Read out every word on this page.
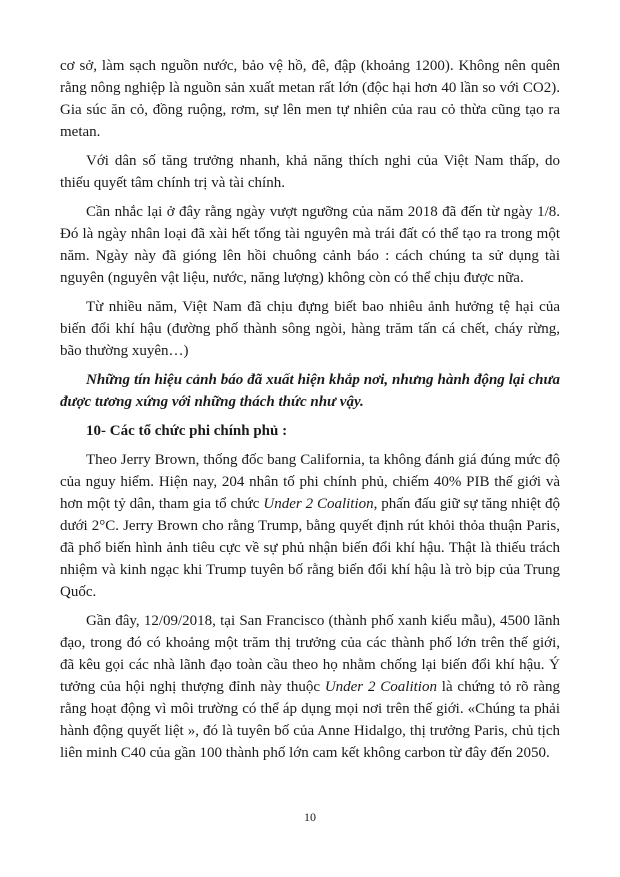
cơ sở, làm sạch nguồn nước, bảo vệ hồ, đê, đập (khoảng 1200). Không nên quên rằng nông nghiệp là nguồn sản xuất metan rất lớn (độc hại hơn 40 lần so với CO2). Gia súc ăn cỏ, đồng ruộng, rơm, sự lên men tự nhiên của rau cỏ thừa cũng tạo ra metan.

Với dân số tăng trưởng nhanh, khả năng thích nghi của Việt Nam thấp, do thiếu quyết tâm chính trị và tài chính.

Cần nhắc lại ở đây rằng ngày vượt ngưỡng của năm 2018 đã đến từ ngày 1/8. Đó là ngày nhân loại đã xài hết tổng tài nguyên mà trái đất có thể tạo ra trong một năm. Ngày này đã gióng lên hồi chuông cảnh báo : cách chúng ta sử dụng tài nguyên (nguyên vật liệu, nước, năng lượng) không còn có thể chịu được nữa.

Từ nhiều năm, Việt Nam đã chịu đựng biết bao nhiêu ảnh hưởng tệ hại của biến đổi khí hậu (đường phố thành sông ngòi, hàng trăm tấn cá chết, cháy rừng, bão thường xuyên…)

Những tín hiệu cảnh báo đã xuất hiện khắp nơi, nhưng hành động lại chưa được tương xứng với những thách thức như vậy.

10- Các tổ chức phi chính phủ :

Theo Jerry Brown, thống đốc bang California, ta không đánh giá đúng mức độ của nguy hiểm. Hiện nay, 204 nhân tố phi chính phủ, chiếm 40% PIB thế giới và hơn một tỷ dân, tham gia tổ chức Under 2 Coalition, phấn đấu giữ sự tăng nhiệt độ dưới 2°C. Jerry Brown cho rằng Trump, bằng quyết định rút khỏi thỏa thuận Paris, đã phổ biến hình ảnh tiêu cực về sự phủ nhận biến đổi khí hậu. Thật là thiếu trách nhiệm và kinh ngạc khi Trump tuyên bố rằng biến đổi khí hậu là trò bịp của Trung Quốc.

Gần đây, 12/09/2018, tại San Francisco (thành phố xanh kiểu mẫu), 4500 lãnh đạo, trong đó có khoảng một trăm thị trưởng của các thành phố lớn trên thế giới, đã kêu gọi các nhà lãnh đạo toàn cầu theo họ nhằm chống lại biến đổi khí hậu. Ý tưởng của hội nghị thượng đỉnh này thuộc Under 2 Coalition là chứng tỏ rõ ràng rằng hoạt động vì môi trường có thể áp dụng mọi nơi trên thế giới. «Chúng ta phải hành động quyết liệt », đó là tuyên bố của Anne Hidalgo, thị trưởng Paris, chủ tịch liên minh C40 của gần 100 thành phố lớn cam kết không carbon từ đây đến 2050.

10
